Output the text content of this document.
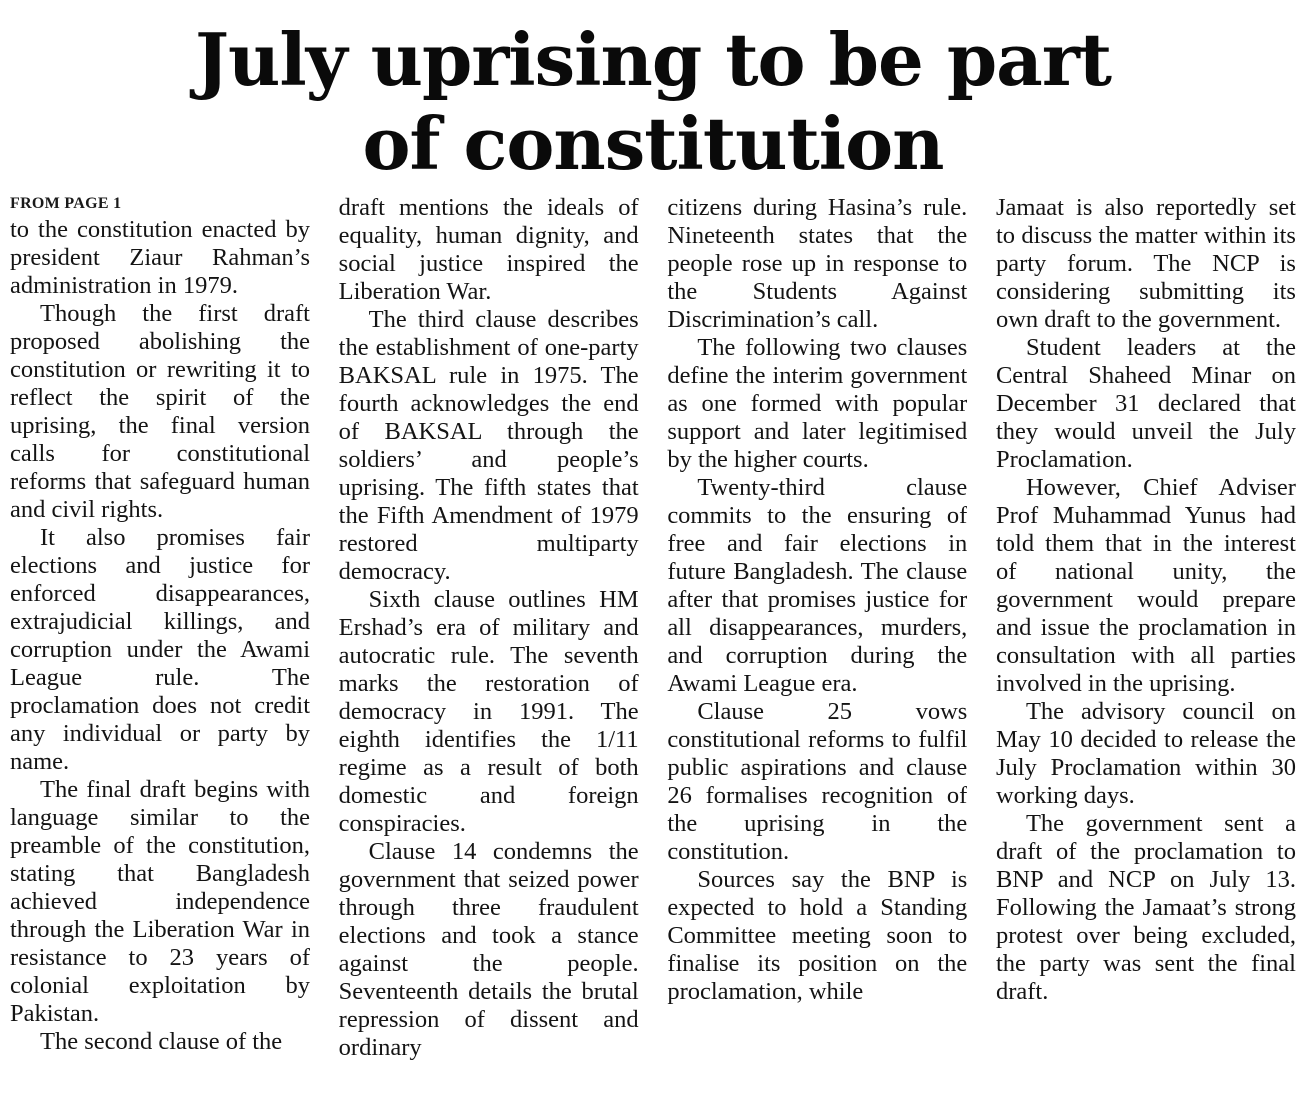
July uprising to be part
of constitution
FROM PAGE 1

to the constitution enacted by president Ziaur Rahman’s administration in 1979.

Though the first draft proposed abolishing the constitution or rewriting it to reflect the spirit of the uprising, the final version calls for constitutional reforms that safeguard human and civil rights.

It also promises fair elections and justice for enforced disappearances, extrajudicial killings, and corruption under the Awami League rule. The proclamation does not credit any individual or party by name.

The final draft begins with language similar to the preamble of the constitution, stating that Bangladesh achieved independence through the Liberation War in resistance to 23 years of colonial exploitation by Pakistan.

The second clause of the

draft mentions the ideals of equality, human dignity, and social justice inspired the Liberation War.

The third clause describes the establishment of one-party BAKSAL rule in 1975. The fourth acknowledges the end of BAKSAL through the soldiers’ and people’s uprising. The fifth states that the Fifth Amendment of 1979 restored multiparty democracy.

Sixth clause outlines HM Ershad’s era of military and autocratic rule. The seventh marks the restoration of democracy in 1991. The eighth identifies the 1/11 regime as a result of both domestic and foreign conspiracies.

Clause 14 condemns the government that seized power through three fraudulent elections and took a stance against the people. Seventeenth details the brutal repression of dissent and ordinary

citizens during Hasina’s rule. Nineteenth states that the people rose up in response to the Students Against Discrimination’s call.

The following two clauses define the interim government as one formed with popular support and later legitimised by the higher courts.

Twenty-third clause commits to the ensuring of free and fair elections in future Bangladesh. The clause after that promises justice for all disappearances, murders, and corruption during the Awami League era.

Clause 25 vows constitutional reforms to fulfil public aspirations and clause 26 formalises recognition of the uprising in the constitution.

Sources say the BNP is expected to hold a Standing Committee meeting soon to finalise its position on the proclamation, while

Jamaat is also reportedly set to discuss the matter within its party forum. The NCP is considering submitting its own draft to the government.

Student leaders at the Central Shaheed Minar on December 31 declared that they would unveil the July Proclamation.

However, Chief Adviser Prof Muhammad Yunus had told them that in the interest of national unity, the government would prepare and issue the proclamation in consultation with all parties involved in the uprising.

The advisory council on May 10 decided to release the July Proclamation within 30 working days.

The government sent a draft of the proclamation to BNP and NCP on July 13. Following the Jamaat’s strong protest over being excluded, the party was sent the final draft.
